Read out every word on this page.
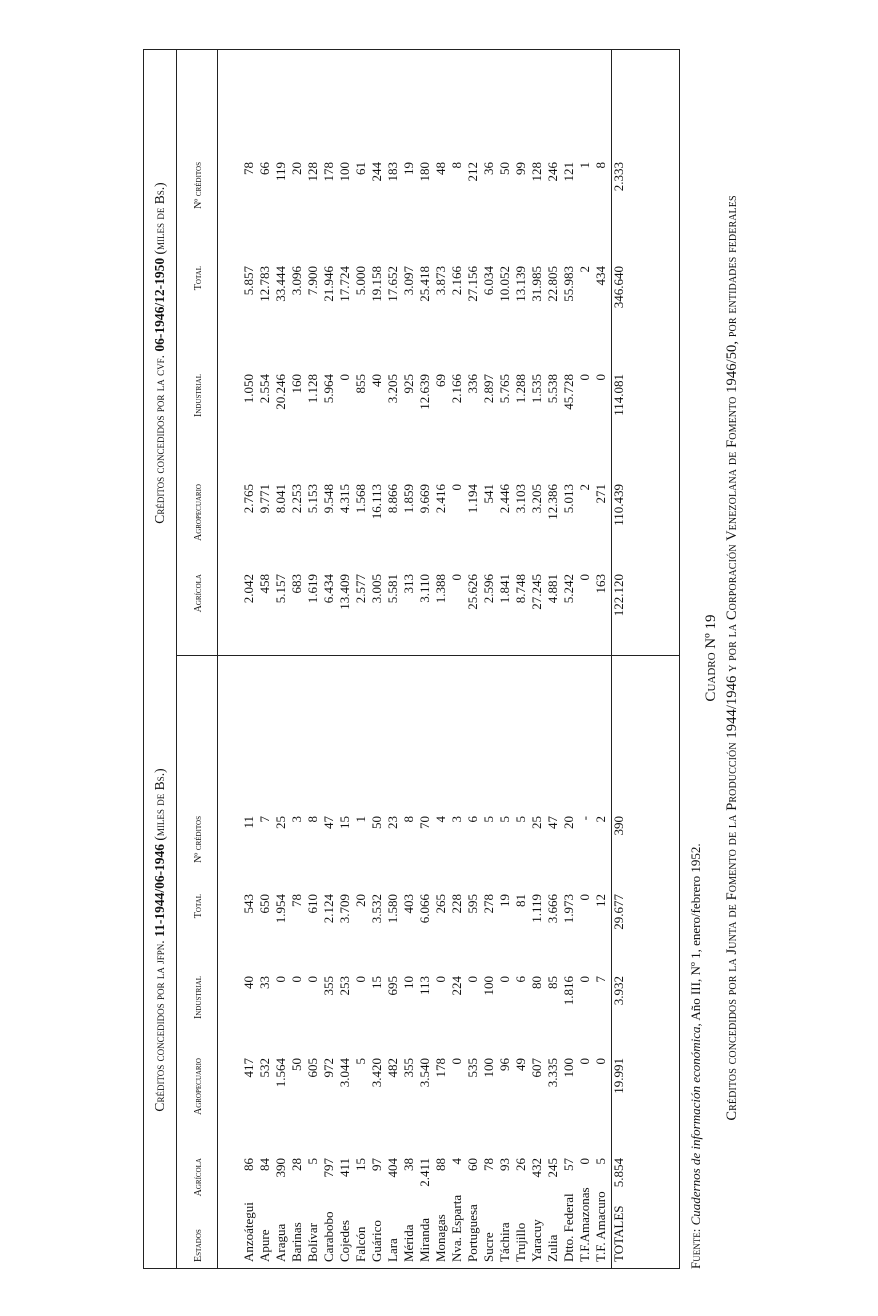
Cuadro Nº 19 Créditos concedidos por la Junta de Fomento de la Producción 1944/1946 y por la Corporación Venezolana de Fomento 1946/50, por entidades federales
Créditos concedidos por la jfpn. 11-1944/06-1946 (miles de Bs.)
Créditos concedidos por la cvf. 06-1946/12-1950 (miles de Bs.)
Estados
Agrícola
Agropecuario
Industrial
Total
Nº créditos
Agrícola
Agropecuario
Industrial
Total
Nº créditos
Anzoátegui
86
417
40
543
11
2.042
2.765
1.050
5.857
78
Apure
84
532
33
650
7
458
9.771
2.554
12.783
66
Aragua
390
1.564
0
1.954
25
5.157
8.041
20.246
33.444
119
Barinas
28
50
0
78
3
683
2.253
160
3.096
20
Bolívar
5
605
0
610
8
1.619
5.153
1.128
7.900
128
Carabobo
797
972
355
2.124
47
6.434
9.548
5.964
21.946
178
Cojedes
411
3.044
253
3.709
15
13.409
4.315
0
17.724
100
Falcón
15
5
0
20
1
2.577
1.568
855
5.000
61
Guárico
97
3.420
15
3.532
50
3.005
16.113
40
19.158
244
Lara
404
482
695
1.580
23
5.581
8.866
3.205
17.652
183
Mérida
38
355
10
403
8
313
1.859
925
3.097
19
Miranda
2.411
3.540
113
6.066
70
3.110
9.669
12.639
25.418
180
Monagas
88
178
0
265
4
1.388
2.416
69
3.873
48
Nva. Esparta
4
0
224
228
3
0
0
2.166
2.166
8
Portuguesa
60
535
0
595
6
25.626
1.194
336
27.156
212
Sucre
78
100
100
278
5
2.596
541
2.897
6.034
36
Táchira
93
96
0
19
5
1.841
2.446
5.765
10.052
50
Trujillo
26
49
6
81
5
8.748
3.103
1.288
13.139
99
Yaracuy
432
607
80
1.119
25
27.245
3.205
1.535
31.985
128
Zulia
245
3.335
85
3.666
47
4.881
12.386
5.538
22.805
246
Dtto. Federal
57
100
1.816
1.973
20
5.242
5.013
45.728
55.983
121
T.F.Amazonas
0
0
0
0
-
0
2
0
2
1
T.F. Amacuro
5
0
7
12
2
163
271
0
434
8
TOTALES
5.854
19.991
3.932
29.677
390
122.120
110.439
114.081
346.640
2.333
Fuente: Cuadernos de información económica, Año III, Nº 1, enero/febrero 1952.
